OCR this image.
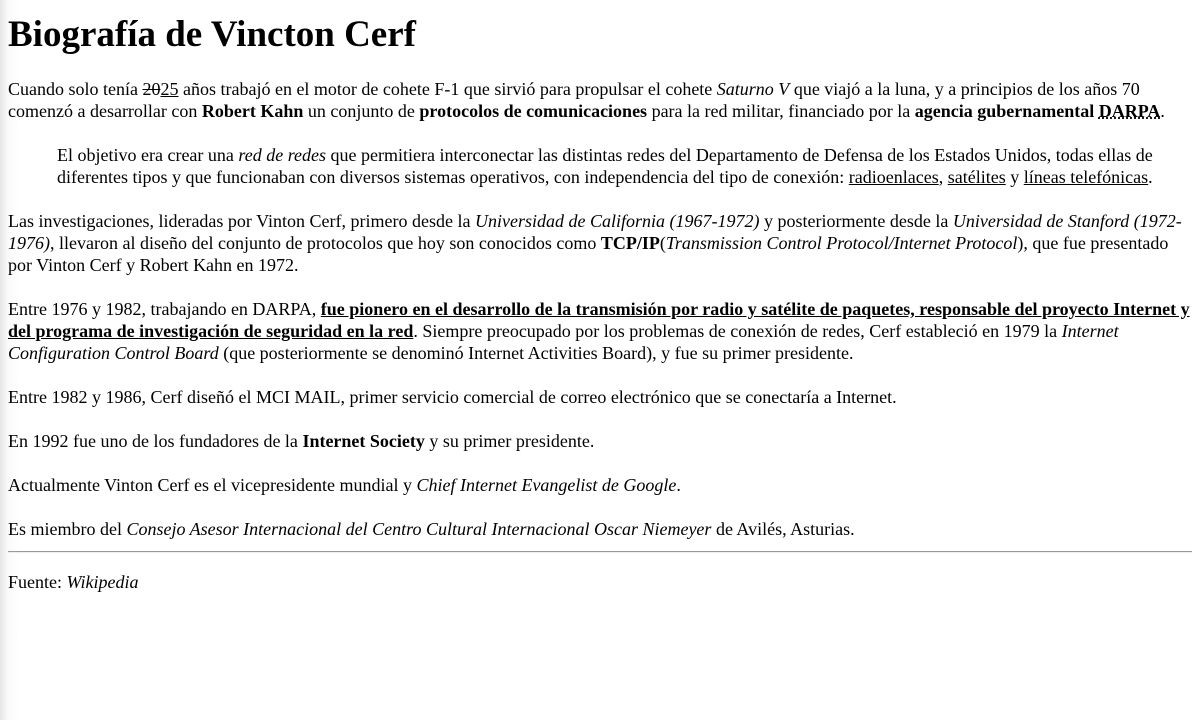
Biografía de Vincton Cerf

Cuando solo tenía 2025 años trabajó en el motor de cohete F-1 que sirvió para propulsar el cohete Saturno V que viajó a la luna, y a principios de los años 70 comenzó a desarrollar con Robert Kahn un conjunto de protocolos de comunicaciones para la red militar, financiado por la agencia gubernamental DARPA.

El objetivo era crear una red de redes que permitiera interconectar las distintas redes del Departamento de Defensa de los Estados Unidos, todas ellas de diferentes tipos y que funcionaban con diversos sistemas operativos, con independencia del tipo de conexión: radioenlaces, satélites y líneas telefónicas.

Las investigaciones, lideradas por Vinton Cerf, primero desde la Universidad de California (1967-1972) y posteriormente desde la Universidad de Stanford (1972-1976), llevaron al diseño del conjunto de protocolos que hoy son conocidos como TCP/IP(Transmission Control Protocol/Internet Protocol), que fue presentado por Vinton Cerf y Robert Kahn en 1972.

Entre 1976 y 1982, trabajando en DARPA, fue pionero en el desarrollo de la transmisión por radio y satélite de paquetes, responsable del proyecto Internet y del programa de investigación de seguridad en la red. Siempre preocupado por los problemas de conexión de redes, Cerf estableció en 1979 la Internet Configuration Control Board (que posteriormente se denominó Internet Activities Board), y fue su primer presidente.

Entre 1982 y 1986, Cerf diseñó el MCI MAIL, primer servicio comercial de correo electrónico que se conectaría a Internet.

En 1992 fue uno de los fundadores de la Internet Society y su primer presidente.

Actualmente Vinton Cerf es el vicepresidente mundial y Chief Internet Evangelist de Google.

Es miembro del Consejo Asesor Internacional del Centro Cultural Internacional Oscar Niemeyer de Avilés, Asturias.

Fuente: Wikipedia
